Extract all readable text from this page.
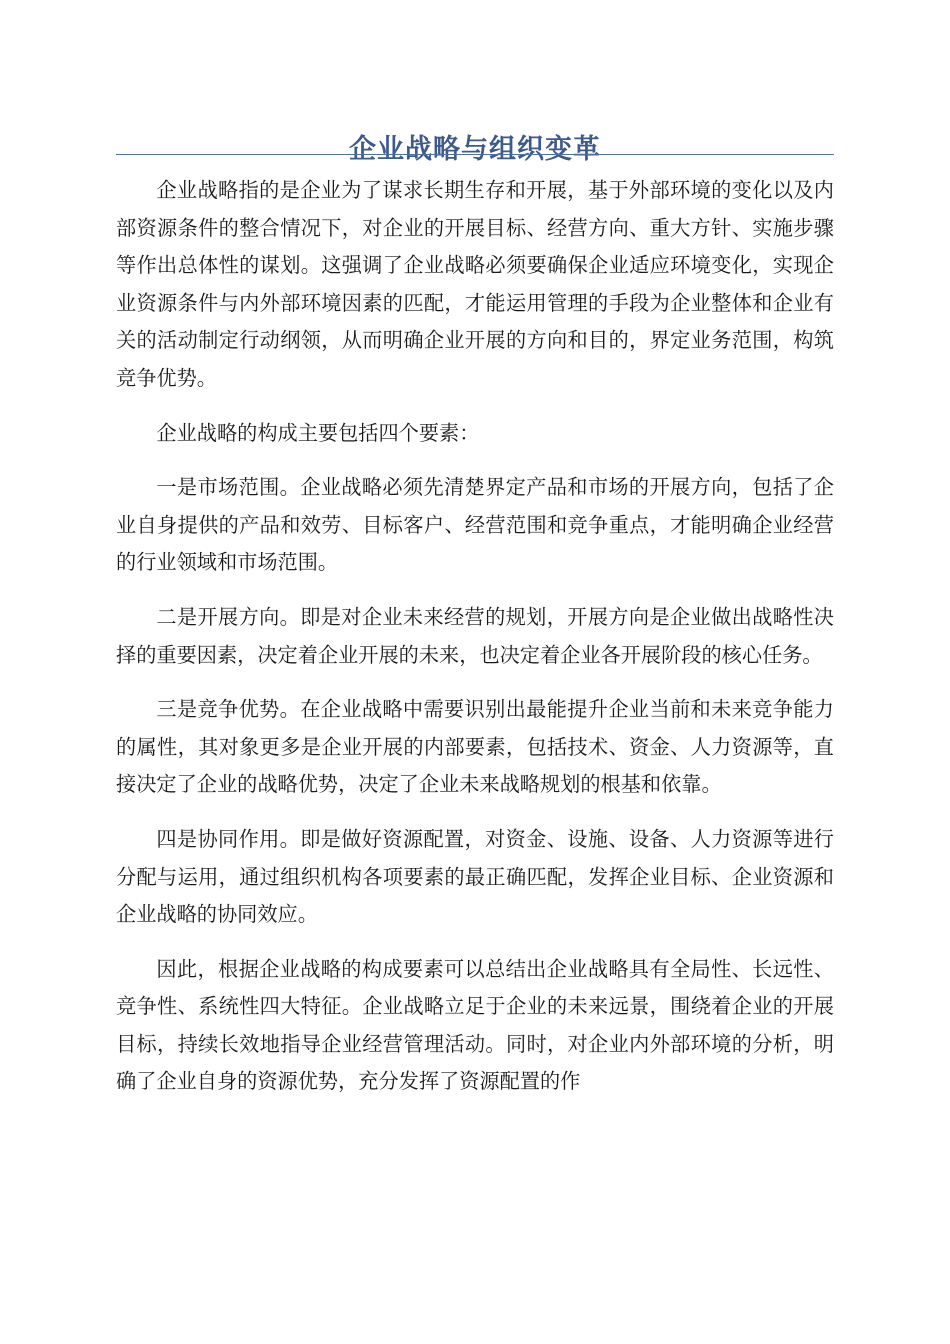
企业战略与组织变革

企业战略指的是企业为了谋求长期生存和开展，基于外部环境的变化以及内部资源条件的整合情况下，对企业的开展目标、经营方向、重大方针、实施步骤等作出总体性的谋划。这强调了企业战略必须要确保企业适应环境变化，实现企业资源条件与内外部环境因素的匹配，才能运用管理的手段为企业整体和企业有关的活动制定行动纲领，从而明确企业开展的方向和目的，界定业务范围，构筑竞争优势。

企业战略的构成主要包括四个要素：

一是市场范围。企业战略必须先清楚界定产品和市场的开展方向，包括了企业自身提供的产品和效劳、目标客户、经营范围和竞争重点，才能明确企业经营的行业领域和市场范围。

二是开展方向。即是对企业未来经营的规划，开展方向是企业做出战略性决择的重要因素，决定着企业开展的未来，也决定着企业各开展阶段的核心任务。

三是竞争优势。在企业战略中需要识别出最能提升企业当前和未来竞争能力的属性，其对象更多是企业开展的内部要素，包括技术、资金、人力资源等，直接决定了企业的战略优势，决定了企业未来战略规划的根基和依靠。

四是协同作用。即是做好资源配置，对资金、设施、设备、人力资源等进行分配与运用，通过组织机构各项要素的最正确匹配，发挥企业目标、企业资源和企业战略的协同效应。

因此，根据企业战略的构成要素可以总结出企业战略具有全局性、长远性、竞争性、系统性四大特征。企业战略立足于企业的未来远景，围绕着企业的开展目标，持续长效地指导企业经营管理活动。同时，对企业内外部环境的分析，明确了企业自身的资源优势，充分发挥了资源配置的作
